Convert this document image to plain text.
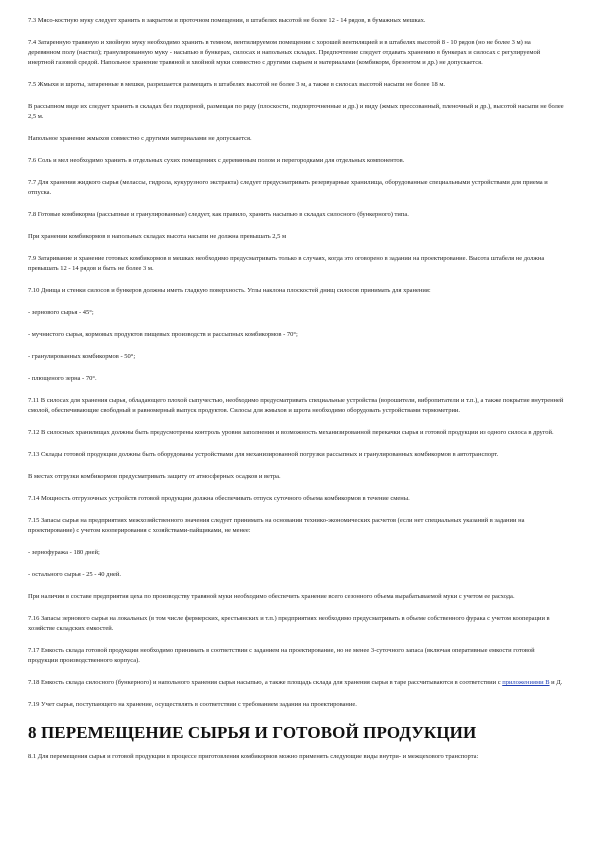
7.3 Мясо-костную муку следует хранить в закрытом и проточном помещении, в штабелях высотой не более 12 - 14 рядов, в бумажных мешках.

7.4 Затаренную травяную и хвойную муку необходимо хранить в темном, вентилируемом помещении с хорошей вентиляцией и в штабелях высотой 8 - 10 рядов (но не более 3 м) на деревянном полу (настил); гранулированную муку - насыпью в бункерах, силосах и напольных складах. Предпочтение следует отдавать хранению в бункерах и силосах с регулируемой инертной газовой средой. Напольное хранение травяной и хвойной муки совместно с другими сырьем и материалами (комбикорм, брезентом и др.) не допускается.

7.5 Жмыхи и шроты, затаренные в мешки, разрешается размещать в штабелях высотой не более 3 м, а также в силосах высотой насыпи не более 18 м.

В рассыпном виде их следует хранить в складах без подпорной, размещая по ряду (плоскости, подпорточненные и др.) и виду (жмых прессованный, пленочный и др.), высотой насыпи не более 2,5 м.

Напольное хранение жмыхов совместно с другими материалами не допускается.

7.6 Соль и мел необходимо хранить в отдельных сухих помещениях с деревянным полом и перегородками для отдельных компонентов.

7.7 Для хранения жидкого сырья (мелассы, гидрола, кукурузного экстракта) следует предусматривать резервуарные хранилища, оборудованные специальными устройствами для приема и отпуска.

7.8 Готовые комбикорма (рассыпные и гранулированные) следует, как правило, хранить насыпью в складах силосного (бункерного) типа.

При хранении комбикормов в напольных складах высота насыпи не должна превышать 2,5 м

7.9 Затаривание и хранение готовых комбикормов в мешках необходимо предусматривать только в случаях, когда это оговорено в задании на проектирование. Высота штабеля не должна превышать 12 - 14 рядов и быть не более 3 м.

7.10 Днища и стенки силосов и бункеров должны иметь гладкую поверхность. Углы наклона плоскостей днищ силосов принимать для хранения:

- зернового сырья - 45°;

- мучнистого сырья, кормовых продуктов пищевых производств и рассыпных комбикормов - 70°;

- гранулированных комбикормов - 50°;

- плющеного зерна - 70°.

7.11 В силосах для хранения сырья, обладающего плохой сыпучестью, необходимо предусматривать специальные устройства (ворошители, вибропитатели и т.п.), а также покрытие внутренней смолой, обеспечивающие свободный и равномерный выпуск продуктов. Силосы для жмыхов и шрота необходимо оборудовать устройствами термометрии.

7.12 В силосных хранилищах должны быть предусмотрены контроль уровня заполнения и возможность механизированной перекачки сырья и готовой продукции из одного силоса в другой.

7.13 Склады готовой продукции должны быть оборудованы устройствами для механизированной погрузки рассыпных и гранулированных комбикормов в автотранспорт.

В местах отгрузки комбикормов предусматривать защиту от атмосферных осадков и ветра.

7.14 Мощность отгрузочных устройств готовой продукции должна обеспечивать отпуск суточного объема комбикормов в течение смены.

7.15 Запасы сырья на предприятиях межхозяйственного значения следует принимать на основании технико-экономических расчетов (если нет специальных указаний в задании на проектирование) с учетом кооперирования с хозяйствами-пайщиками, не менее:

- зернофуража - 180 дней;

- остального сырья - 25 - 40 дней.

При наличии в составе предприятия цеха по производству травяной муки необходимо обеспечить хранение всего сезонного объема вырабатываемой муки с учетом ее расхода.

7.16 Запасы зернового сырья на локальных (в том числе фермерских, крестьянских и т.п.) предприятиях необходимо предусматривать в объеме собственного фурака с учетом кооперации в хозяйстве складских емкостей.

7.17 Емкость склада готовой продукции необходимо принимать в соответствии с заданием на проектирование, но не менее 3-суточного запаса (включая оперативные емкости готовой продукции производственного корпуса).

7.18 Емкость склада силосного (бункерного) и напольного хранения сырья насыпью, а также площадь склада для хранения сырья в таре рассчитываются в соответствии с приложениями В и Д.

7.19 Учет сырья, поступающего на хранение, осуществлять в соответствии с требованием задания на проектирование.

8 ПЕРЕМЕЩЕНИЕ СЫРЬЯ И ГОТОВОЙ ПРОДУКЦИИ

8.1 Для перемещения сырья и готовой продукции в процессе приготовления комбикормов можно применять следующие виды внутри- и межцехового транспорта:
